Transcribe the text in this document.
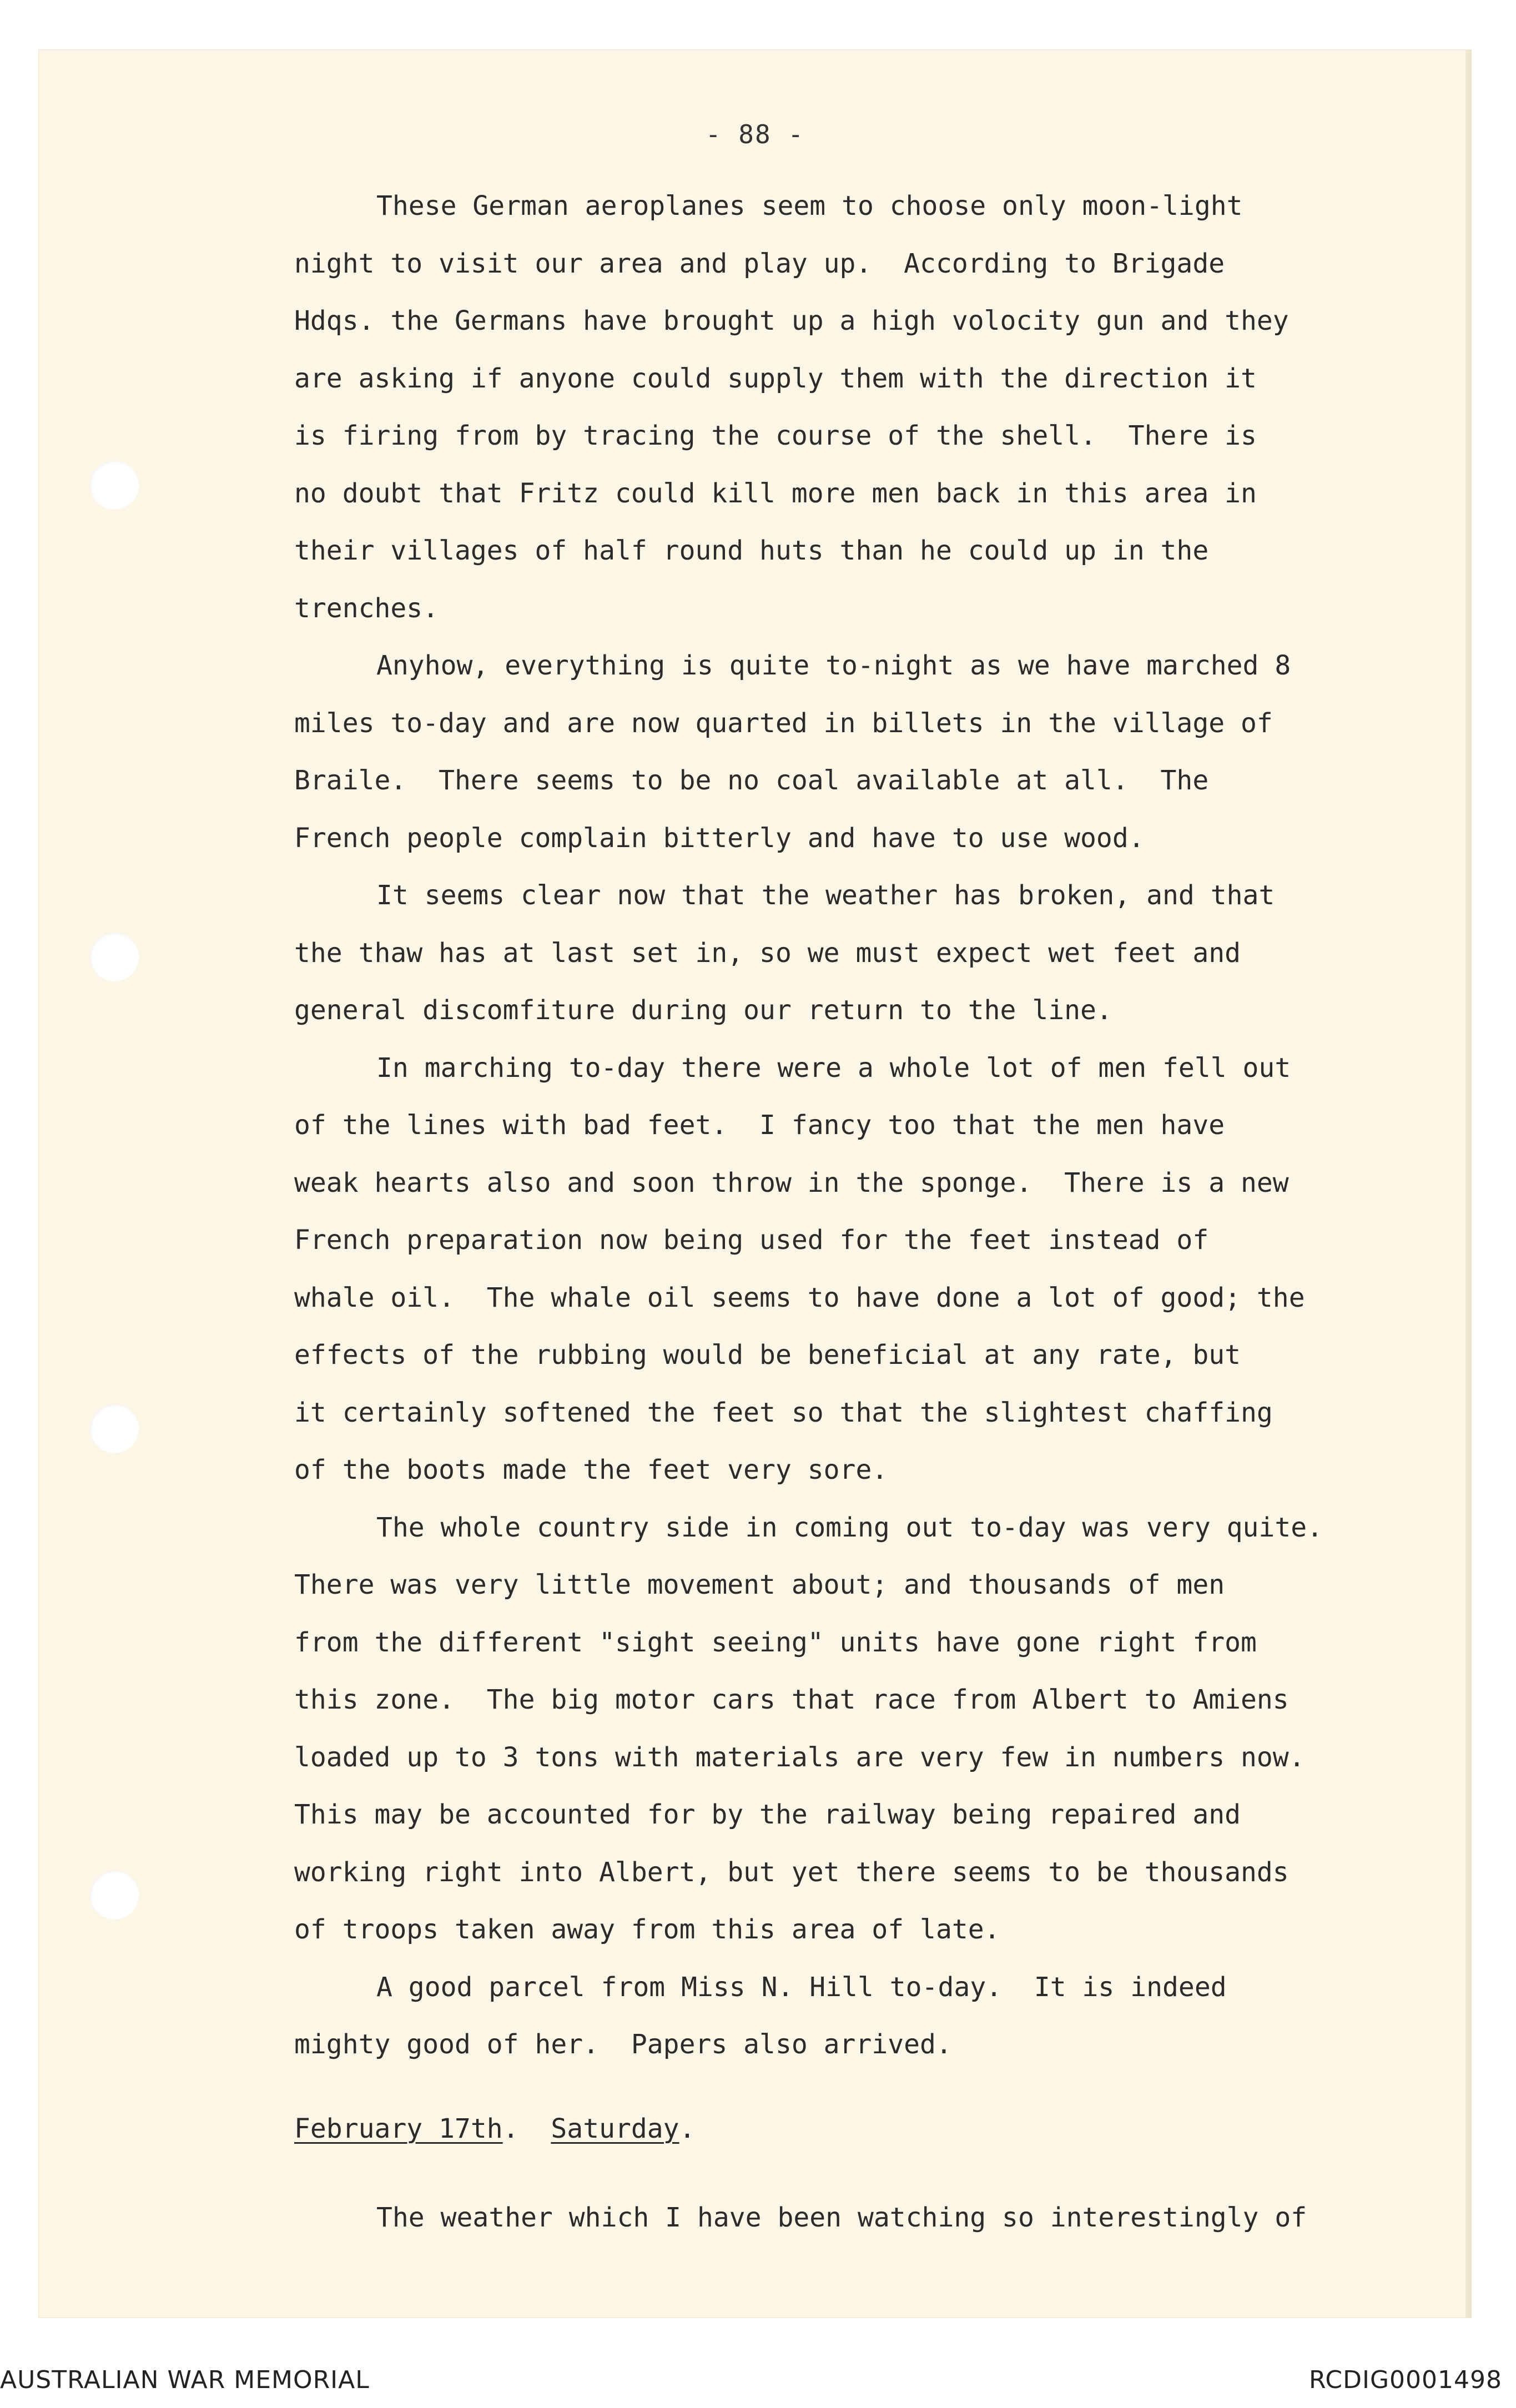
- 88 -
These German aeroplanes seem to choose only moon-light
night to visit our area and play up.  According to Brigade
Hdqs. the Germans have brought up a high volocity gun and they
are asking if anyone could supply them with the direction it
is firing from by tracing the course of the shell.  There is
no doubt that Fritz could kill more men back in this area in
their villages of half round huts than he could up in the
trenches.
Anyhow, everything is quite to-night as we have marched 8
miles to-day and are now quarted in billets in the village of
Braile.  There seems to be no coal available at all.  The
French people complain bitterly and have to use wood.
It seems clear now that the weather has broken, and that
the thaw has at last set in, so we must expect wet feet and
general discomfiture during our return to the line.
In marching to-day there were a whole lot of men fell out
of the lines with bad feet.  I fancy too that the men have
weak hearts also and soon throw in the sponge.  There is a new
French preparation now being used for the feet instead of
whale oil.  The whale oil seems to have done a lot of good; the
effects of the rubbing would be beneficial at any rate, but
it certainly softened the feet so that the slightest chaffing
of the boots made the feet very sore.
The whole country side in coming out to-day was very quite.
There was very little movement about; and thousands of men
from the different "sight seeing" units have gone right from
this zone.  The big motor cars that race from Albert to Amiens
loaded up to 3 tons with materials are very few in numbers now.
This may be accounted for by the railway being repaired and
working right into Albert, but yet there seems to be thousands
of troops taken away from this area of late.
A good parcel from Miss N. Hill to-day.  It is indeed
mighty good of her.  Papers also arrived.
February 17th.  Saturday.
The weather which I have been watching so interestingly of
AUSTRALIAN WAR MEMORIAL	RCDIG0001498
